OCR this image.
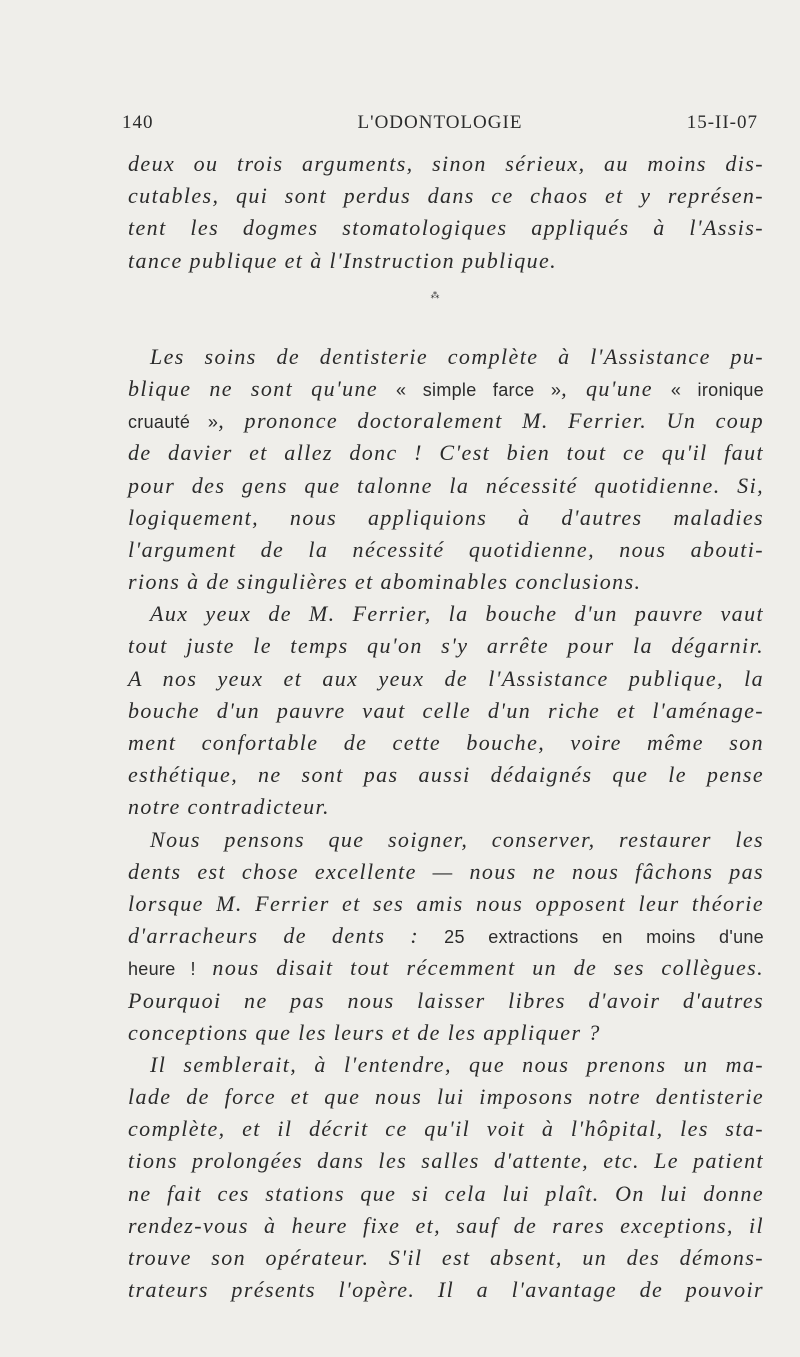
140	L'ODONTOLOGIE	15-II-07
⁂
deux ou trois arguments, sinon sérieux, au moins dis-
cutables, qui sont perdus dans ce chaos et y représen-
tent les dogmes stomatologiques appliqués à l'Assis-
tance publique et à l'Instruction publique.
Les soins de dentisterie complète à l'Assistance pu-
blique ne sont qu'une « simple farce », qu'une « ironique
cruauté », prononce doctoralement M. Ferrier. Un coup
de davier et allez donc ! C'est bien tout ce qu'il faut
pour des gens que talonne la nécessité quotidienne. Si,
logiquement, nous appliquions à d'autres maladies
l'argument de la nécessité quotidienne, nous abouti-
rions à de singulières et abominables conclusions.
Aux yeux de M. Ferrier, la bouche d'un pauvre vaut
tout juste le temps qu'on s'y arrête pour la dégarnir.
A nos yeux et aux yeux de l'Assistance publique, la
bouche d'un pauvre vaut celle d'un riche et l'aménage-
ment confortable de cette bouche, voire même son
esthétique, ne sont pas aussi dédaignés que le pense
notre contradicteur.
Nous pensons que soigner, conserver, restaurer les
dents est chose excellente — nous ne nous fâchons pas
lorsque M. Ferrier et ses amis nous opposent leur théorie
d'arracheurs de dents : 25 extractions en moins d'une
heure ! nous disait tout récemment un de ses collègues.
Pourquoi ne pas nous laisser libres d'avoir d'autres
conceptions que les leurs et de les appliquer ?
Il semblerait, à l'entendre, que nous prenons un ma-
lade de force et que nous lui imposons notre dentisterie
complète, et il décrit ce qu'il voit à l'hôpital, les sta-
tions prolongées dans les salles d'attente, etc. Le patient
ne fait ces stations que si cela lui plaît. On lui donne
rendez-vous à heure fixe et, sauf de rares exceptions, il
trouve son opérateur. S'il est absent, un des démons-
trateurs présents l'opère. Il a l'avantage de pouvoir
